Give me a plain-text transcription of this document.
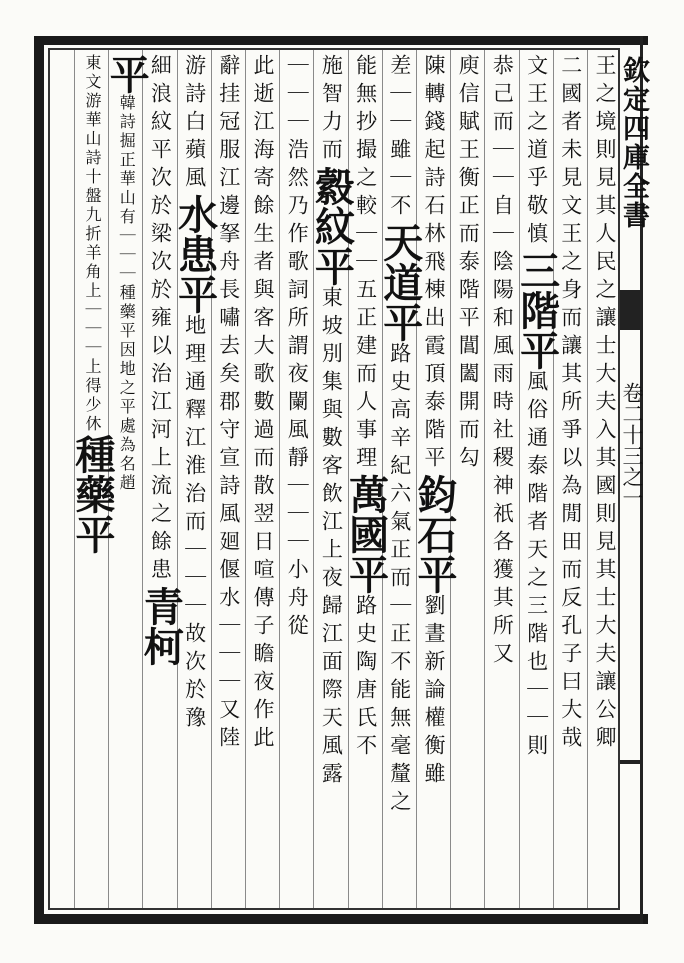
欽定四庫全書
卷二十三之一
王之境則見其人民之讓士大夫入其國則見其士大夫讓公卿
二國者未見文王之身而讓其所爭以為閒田而反孔子曰大哉
文王之道乎敬慎三階平風俗通泰階者天之三階也｜｜則
恭己而｜｜自｜陰陽和風雨時社稷神祇各獲其所又
庾信賦王衡正而泰階平閶闔開而勾
陳轉錢起詩石林飛棟出霞頂泰階平鈞石平劉晝新論權衡雖
差｜｜雖｜不天道平路史高辛紀六氣正而｜正不能無毫釐之
能無抄撮之較｜｜五正建而人事理萬國平路史陶唐氏不
施智力而縠紋平東坡別集與數客飲江上夜歸江面際天風露
｜｜｜浩然乃作歌詞所謂夜闌風靜｜｜｜小舟從
此逝江海寄餘生者與客大歌數過而散翌日喧傳子瞻夜作此
辭挂冠服江邊拏舟長嘯去矣郡守宣詩風廻偃水｜｜｜又陸
游詩白蘋風水患平地理通釋江淮治而｜｜｜故次於豫
細浪紋平次於梁次於雍以治江河上流之餘患青柯
平韓詩掘正華山有｜｜｜種藥平因地之平處為名趙
東文游華山詩十盤九折羊角上｜｜｜上得少休種藥平
